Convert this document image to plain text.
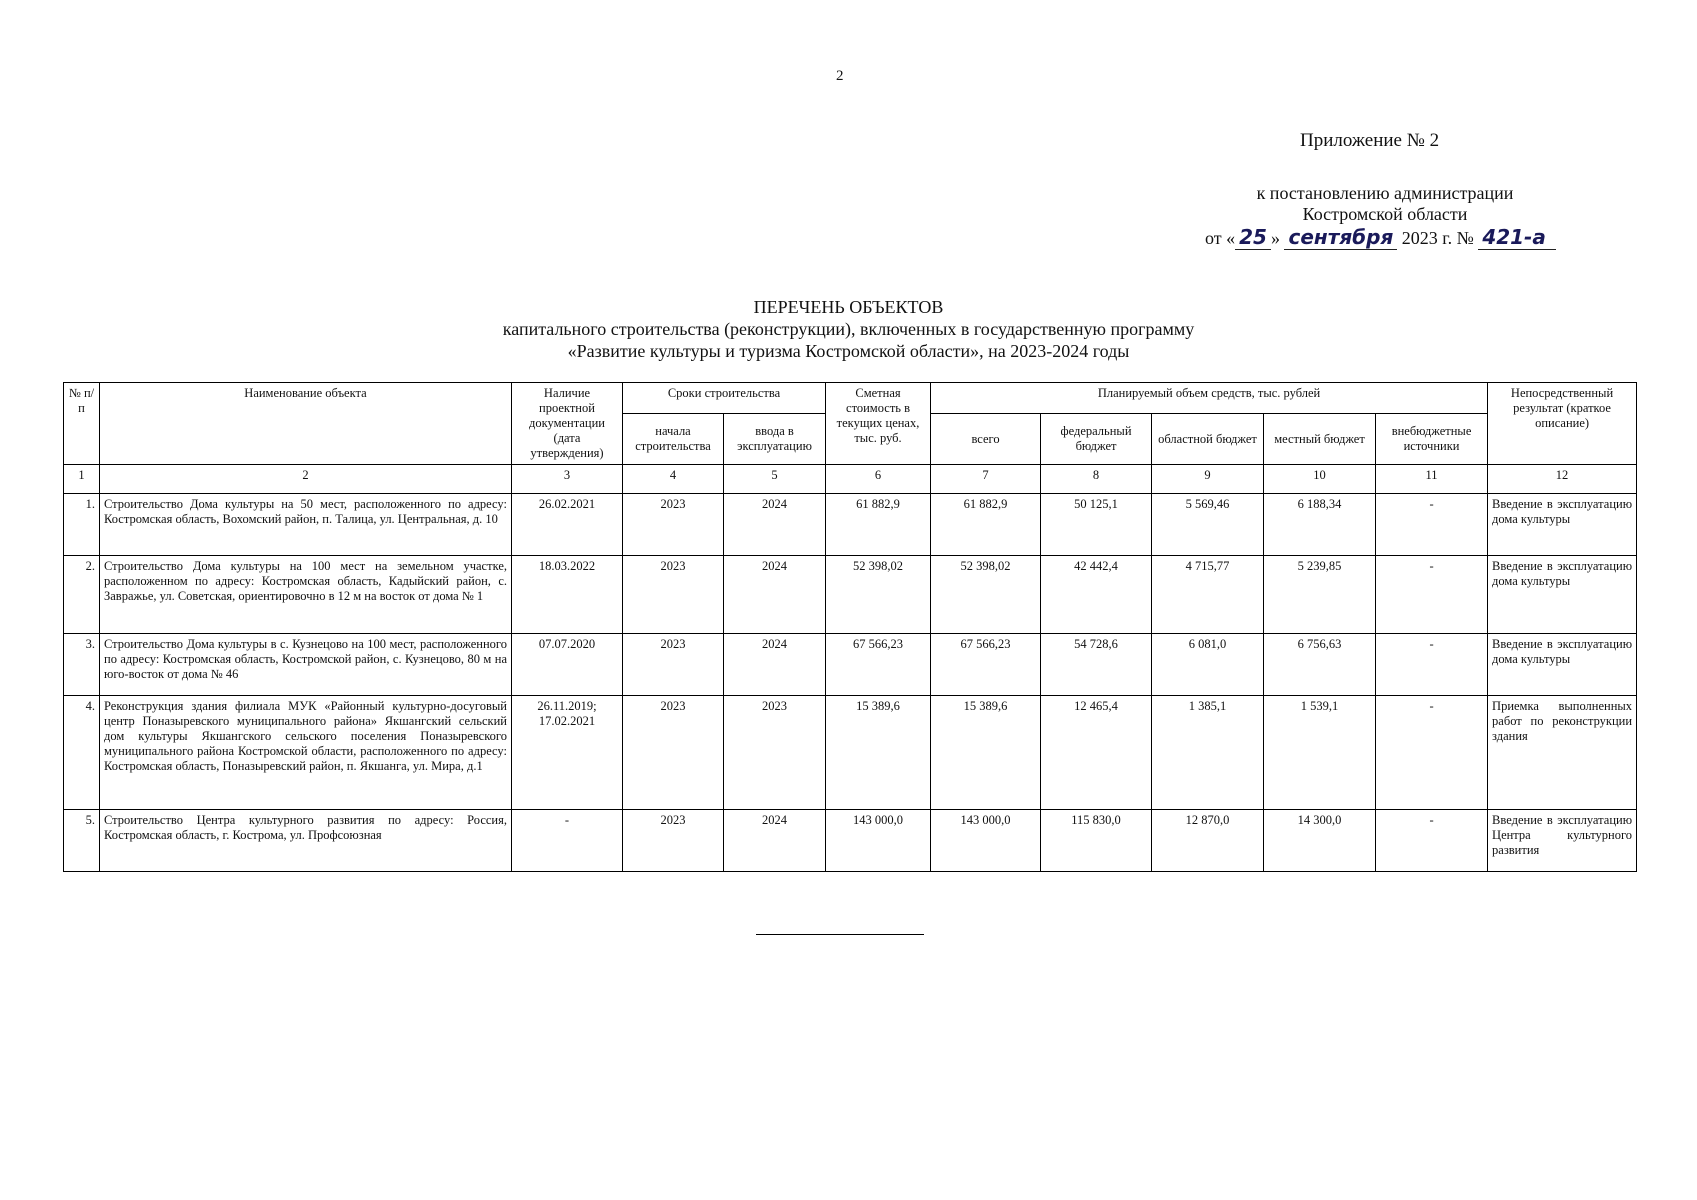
2
Приложение № 2
к постановлению администрации
Костромской области
от « 25 » сентября 2023 г. № 421-а
ПЕРЕЧЕНЬ ОБЪЕКТОВ
капитального строительства (реконструкции), включенных в государственную программу
«Развитие культуры и туризма Костромской области», на 2023-2024 годы
№ п/п	Наименование объекта	Наличие проектной документации (дата утверждения)	Сроки строительства		Сметная стоимость в текущих ценах, тыс. руб.	Планируемый объем средств, тыс. рублей					Непосредственный результат (краткое описание)
			начала строительства	ввода в эксплуатацию		всего	федеральный бюджет	областной бюджет	местный бюджет	внебюджетные источники	
1	2	3	4	5	6	7	8	9	10	11	12
1.	Строительство Дома культуры на 50 мест, расположенного по адресу: Костромская область, Вохомский район, п. Талица, ул. Центральная, д. 10	26.02.2021	2023	2024	61 882,9	61 882,9	50 125,1	5 569,46	6 188,34	-	Введение в эксплуатацию дома культуры
2.	Строительство Дома культуры на 100 мест на земельном участке, расположенном по адресу: Костромская область, Кадыйский район, с. Завражье, ул. Советская, ориентировочно в 12 м на восток от дома № 1	18.03.2022	2023	2024	52 398,02	52 398,02	42 442,4	4 715,77	5 239,85	-	Введение в эксплуатацию дома культуры
3.	Строительство Дома культуры в с. Кузнецово на 100 мест, расположенного по адресу: Костромская область, Костромской район, с. Кузнецово, 80 м на юго-восток от дома № 46	07.07.2020	2023	2024	67 566,23	67 566,23	54 728,6	6 081,0	6 756,63	-	Введение в эксплуатацию дома культуры
4.	Реконструкция здания филиала МУК «Районный культурно-досуговый центр Поназыревского муниципального района» Якшангский сельский дом культуры Якшангского сельского поселения Поназыревского муниципального района Костромской области, расположенного по адресу: Костромская область, Поназыревский район, п. Якшанга, ул. Мира, д.1	26.11.2019; 17.02.2021	2023	2023	15 389,6	15 389,6	12 465,4	1 385,1	1 539,1	-	Приемка выполненных работ по реконструкции здания
5.	Строительство Центра культурного развития по адресу: Россия, Костромская область, г. Кострома, ул. Профсоюзная	-	2023	2024	143 000,0	143 000,0	115 830,0	12 870,0	14 300,0	-	Введение в эксплуатацию Центра культурного развития
